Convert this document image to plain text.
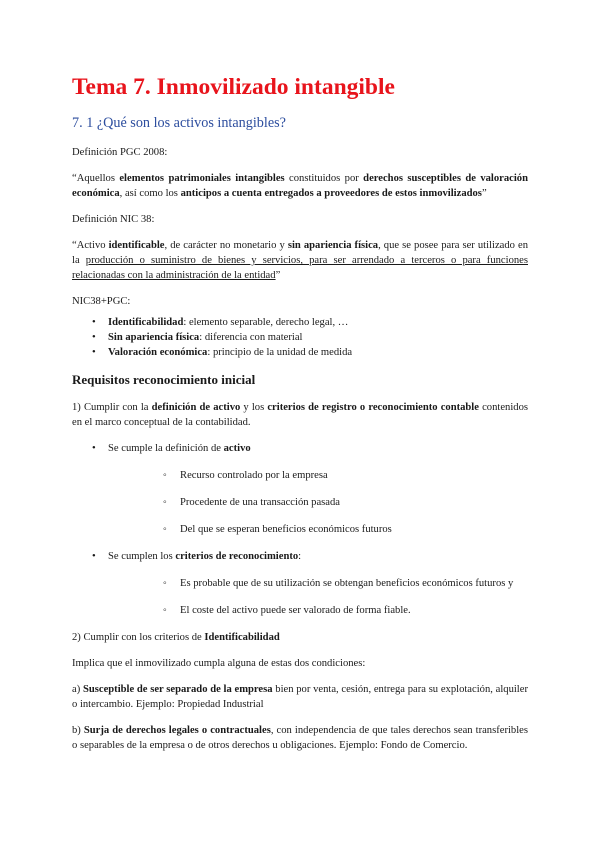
Tema 7. Inmovilizado intangible
7. 1 ¿Qué son los activos intangibles?

Definición PGC 2008:

“Aquellos elementos patrimoniales intangibles constituidos por derechos susceptibles de valoración económica, así como los anticipos a cuenta entregados a proveedores de estos inmovilizados”

Definición NIC 38:

“Activo identificable, de carácter no monetario y sin apariencia física, que se posee para ser utilizado en la producción o suministro de bienes y servicios, para ser arrendado a terceros o para funciones relacionadas con la administración de la entidad”

NIC38+PGC:

• Identificabilidad: elemento separable, derecho legal, …
• Sin apariencia física: diferencia con material
• Valoración económica: principio de la unidad de medida
Requisitos reconocimiento inicial

1) Cumplir con la definición de activo y los criterios de registro o reconocimiento contable contenidos en el marco conceptual de la contabilidad.

• Se cumple la definición de activo
◦ Recurso controlado por la empresa
◦ Procedente de una transacción pasada
◦ Del que se esperan beneficios económicos futuros
• Se cumplen los criterios de reconocimiento:
◦ Es probable que de su utilización se obtengan beneficios económicos futuros y
◦ El coste del activo puede ser valorado de forma fiable.

2) Cumplir con los criterios de Identificabilidad

Implica que el inmovilizado cumpla alguna de estas dos condiciones:

a) Susceptible de ser separado de la empresa bien por venta, cesión, entrega para su explotación, alquiler o intercambio. Ejemplo: Propiedad Industrial

b) Surja de derechos legales o contractuales, con independencia de que tales derechos sean transferibles o separables de la empresa o de otros derechos u obligaciones. Ejemplo: Fondo de Comercio.
